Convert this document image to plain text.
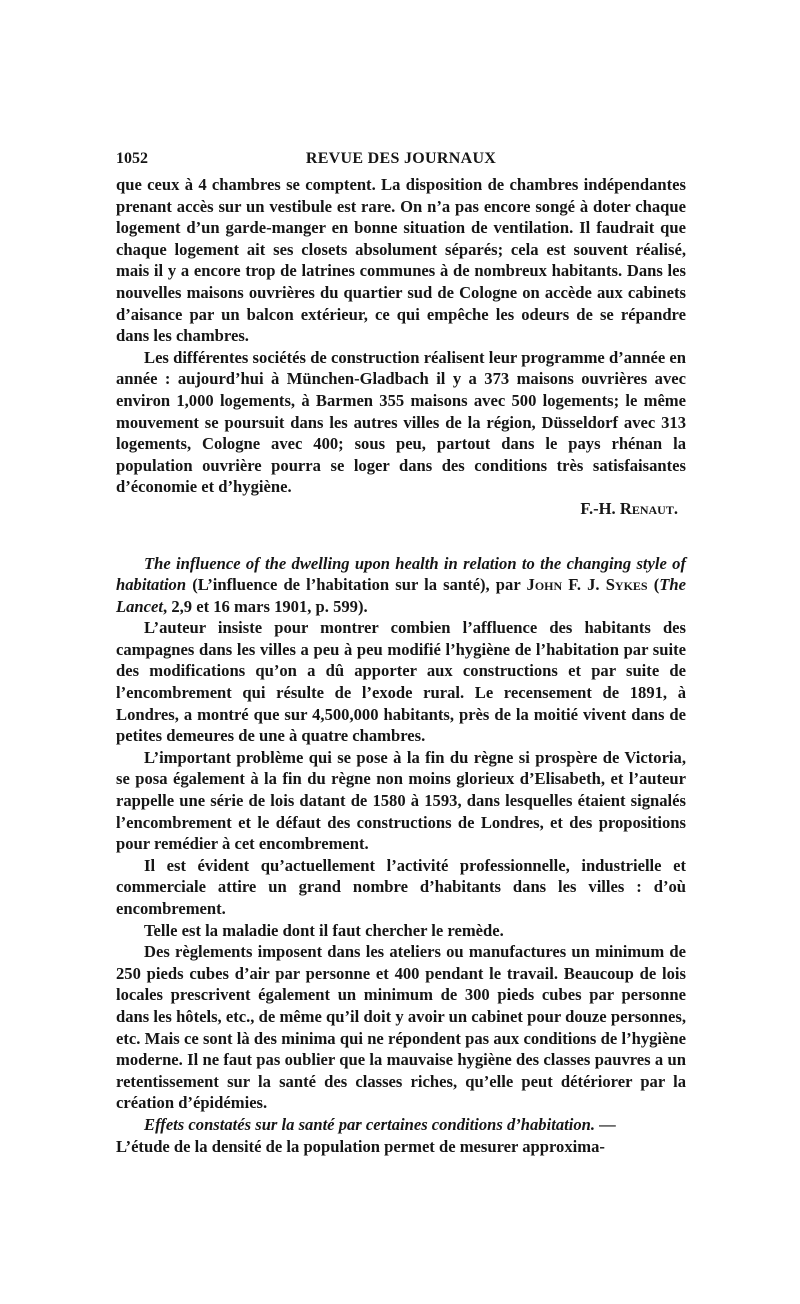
1052	REVUE DES JOURNAUX

que ceux à 4 chambres se comptent. La disposition de chambres indépendantes prenant accès sur un vestibule est rare. On n’a pas encore songé à doter chaque logement d’un garde-manger en bonne situation de ventilation. Il faudrait que chaque logement ait ses closets absolument séparés; cela est souvent réalisé, mais il y a encore trop de latrines communes à de nombreux habitants. Dans les nouvelles maisons ouvrières du quartier sud de Cologne on accède aux cabinets d’aisance par un balcon extérieur, ce qui empêche les odeurs de se répandre dans les chambres.

Les différentes sociétés de construction réalisent leur programme d’année en année : aujourd’hui à München-Gladbach il y a 373 maisons ouvrières avec environ 1,000 logements, à Barmen 355 maisons avec 500 logements; le même mouvement se poursuit dans les autres villes de la région, Düsseldorf avec 313 logements, Cologne avec 400; sous peu, partout dans le pays rhénan la population ouvrière pourra se loger dans des conditions très satisfaisantes d’économie et d’hygiène.

F.-H. Renaut.

The influence of the dwelling upon health in relation to the changing style of habitation (L’influence de l’habitation sur la santé), par John F. J. Sykes (The Lancet, 2,9 et 16 mars 1901, p. 599).

L’auteur insiste pour montrer combien l’affluence des habitants des campagnes dans les villes a peu à peu modifié l’hygiène de l’habitation par suite des modifications qu’on a dû apporter aux constructions et par suite de l’encombrement qui résulte de l’exode rural. Le recensement de 1891, à Londres, a montré que sur 4,500,000 habitants, près de la moitié vivent dans de petites demeures de une à quatre chambres.

L’important problème qui se pose à la fin du règne si prospère de Victoria, se posa également à la fin du règne non moins glorieux d’Elisabeth, et l’auteur rappelle une série de lois datant de 1580 à 1593, dans lesquelles étaient signalés l’encombrement et le défaut des constructions de Londres, et des propositions pour remédier à cet encombrement.

Il est évident qu’actuellement l’activité professionnelle, industrielle et commerciale attire un grand nombre d’habitants dans les villes : d’où encombrement.

Telle est la maladie dont il faut chercher le remède.

Des règlements imposent dans les ateliers ou manufactures un minimum de 250 pieds cubes d’air par personne et 400 pendant le travail. Beaucoup de lois locales prescrivent également un minimum de 300 pieds cubes par personne dans les hôtels, etc., de même qu’il doit y avoir un cabinet pour douze personnes, etc. Mais ce sont là des minima qui ne répondent pas aux conditions de l’hygiène moderne. Il ne faut pas oublier que la mauvaise hygiène des classes pauvres a un retentissement sur la santé des classes riches, qu’elle peut détériorer par la création d’épidémies.

Effets constatés sur la santé par certaines conditions d’habitation. —

L’étude de la densité de la population permet de mesurer approxima-
